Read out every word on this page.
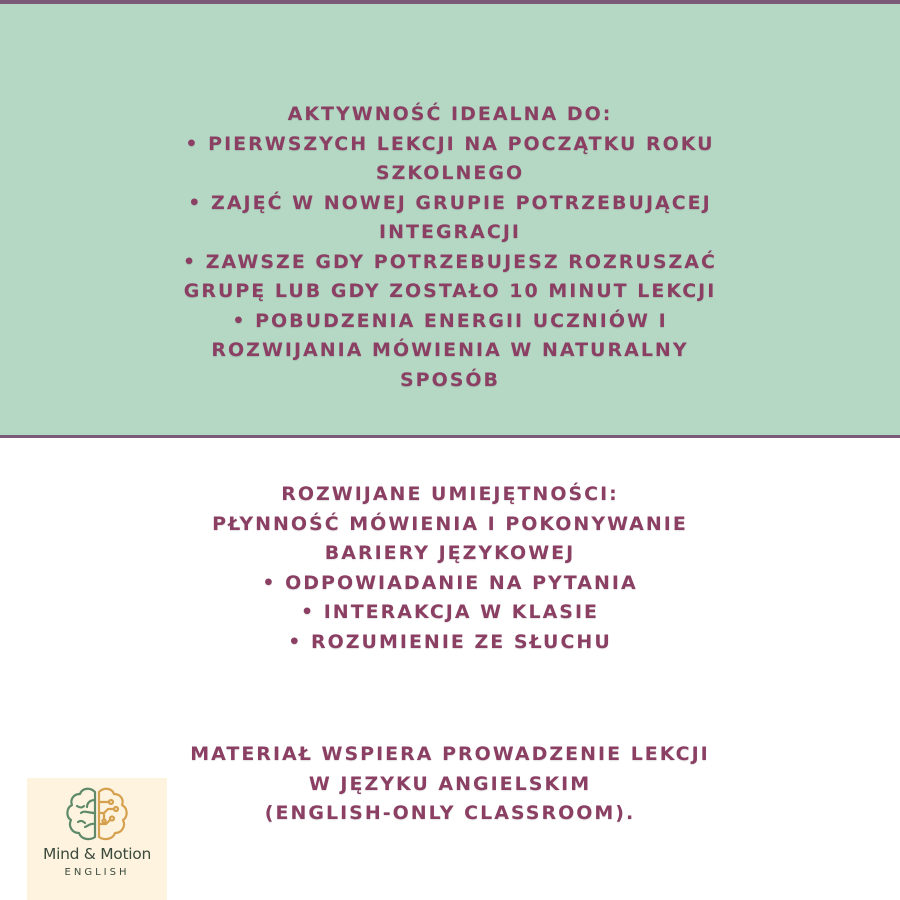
AKTYWNOŚĆ IDEALNA DO:
• PIERWSZYCH LEKCJI NA POCZĄTKU ROKU
SZKOLNEGO
• ZAJĘĆ W NOWEJ GRUPIE POTRZEBUJĄCEJ
INTEGRACJI
• ZAWSZE GDY POTRZEBUJESZ ROZRUSZAĆ
GRUPĘ LUB GDY ZOSTAŁO 10 MINUT LEKCJI
• POBUDZENIA ENERGII UCZNIÓW I
ROZWIJANIA MÓWIENIA W NATURALNY
SPOSÓB
ROZWIJANE UMIEJĘTNOŚCI:
PŁYNNOŚĆ MÓWIENIA I POKONYWANIE
BARIERY JĘZYKOWEJ
• ODPOWIADANIE NA PYTANIA
• INTERAKCJA W KLASIE
• ROZUMIENIE ZE SŁUCHU
MATERIAŁ WSPIERA PROWADZENIE LEKCJI
W JĘZYKU ANGIELSKIM
(ENGLISH-ONLY CLASSROOM).
Mind & Motion
ENGLISH
